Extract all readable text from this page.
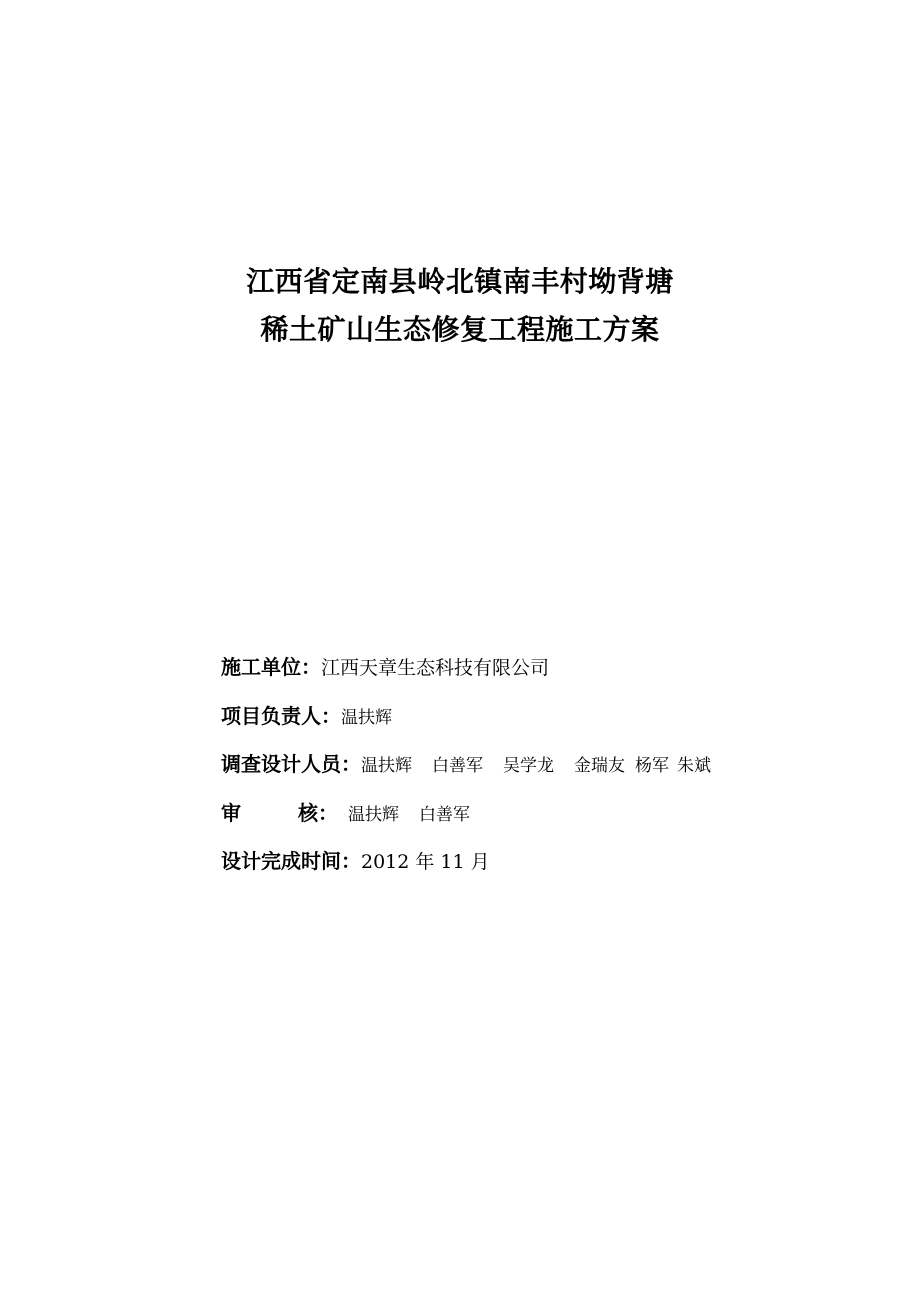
江西省定南县岭北镇南丰村坳背塘
稀土矿山生态修复工程施工方案
施工单位：江西天章生态科技有限公司
项目负责人：温扶辉
调查设计人员：温扶辉 白善军 吴学龙 金瑞友 杨军 朱斌
审	核： 温扶辉 白善军
设计完成时间：2012 年 11 月
